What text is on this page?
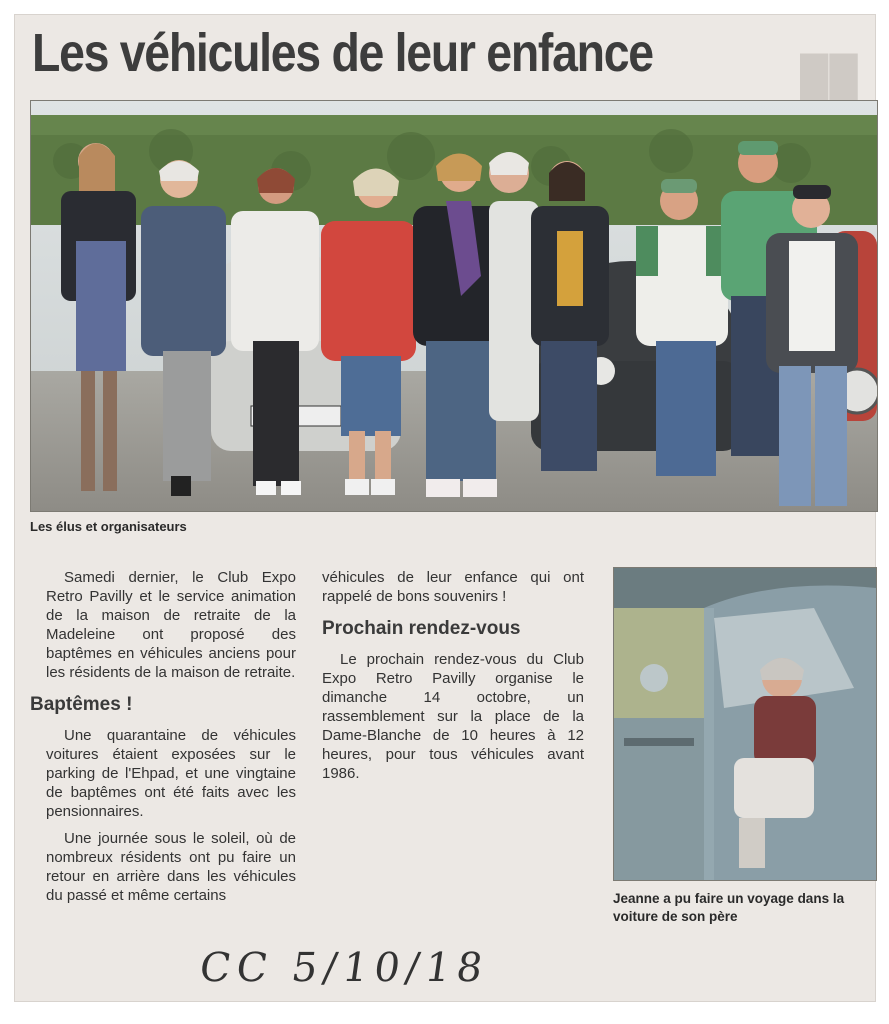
██
Les véhicules de leur enfance
Les élus et organisateurs

Samedi dernier, le Club Expo Retro Pavilly et le service animation de la maison de retraite de la Madeleine ont proposé des baptêmes en véhicules anciens pour les résidents de la maison de retraite.

Baptêmes !

Une quarantaine de véhicules voitures étaient exposées sur le parking de l'Ehpad, et une vingtaine de baptêmes ont été faits avec les pensionnaires.

Une journée sous le soleil, où de nombreux résidents ont pu faire un retour en arrière dans les véhicules du passé et même certains

véhicules de leur enfance qui ont rappelé de bons souvenirs !

Prochain rendez-vous

Le prochain rendez-vous du Club Expo Retro Pavilly organise le dimanche 14 octobre, un rassemblement sur la place de la Dame-Blanche de 10 heures à 12 heures, pour tous véhicules avant 1986.

Jeanne a pu faire un voyage dans la voiture de son père
CC 5/10/18
